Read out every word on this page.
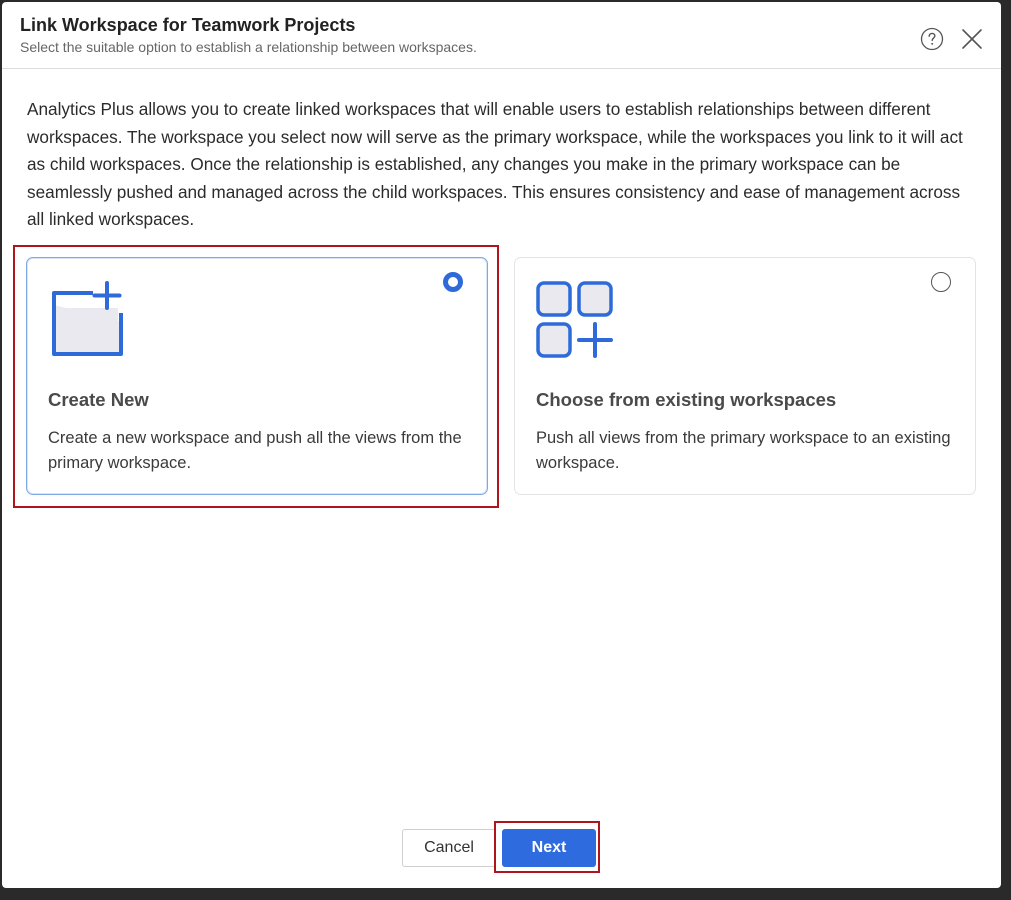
Link Workspace for Teamwork Projects
Select the suitable option to establish a relationship between workspaces.
Analytics Plus allows you to create linked workspaces that will enable users to establish relationships between different workspaces. The workspace you select now will serve as the primary workspace, while the workspaces you link to it will act as child workspaces. Once the relationship is established, any changes you make in the primary workspace can be seamlessly pushed and managed across the child workspaces. This ensures consistency and ease of management across all linked workspaces.
Create New
Create a new workspace and push all the views from the primary workspace.
Choose from existing workspaces
Push all views from the primary workspace to an existing workspace.
Cancel	Next
